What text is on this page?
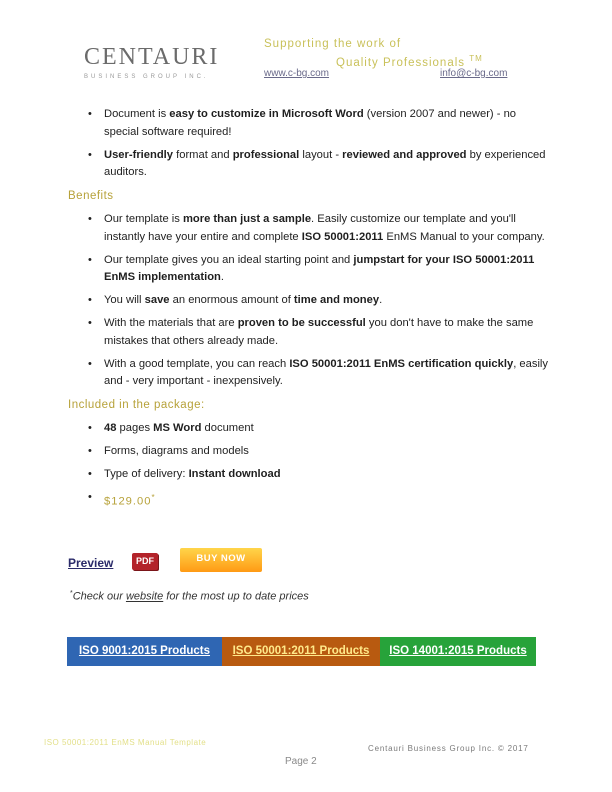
CENTAURI
BUSINESS GROUP INC.
Supporting the work of
Quality Professionals ™
www.c-bg.com	info@c-bg.com
• Document is easy to customize in Microsoft Word (version 2007 and newer) - no special software required!
• User-friendly format and professional layout - reviewed and approved by experienced auditors.
Benefits
• Our template is more than just a sample. Easily customize our template and you'll instantly have your entire and complete ISO 50001:2011 EnMS Manual to your company.
• Our template gives you an ideal starting point and jumpstart for your ISO 50001:2011 EnMS implementation.
• You will save an enormous amount of time and money.
• With the materials that are proven to be successful you don't have to make the same mistakes that others already made.
• With a good template, you can reach ISO 50001:2011 EnMS certification quickly, easily and - very important - inexpensively.
Included in the package:
• 48 pages MS Word document
• Forms, diagrams and models
• Type of delivery: Instant download
• $129.00*
Preview	PDF	BUY NOW
*Check our website for the most up to date prices
ISO 9001:2015 Products	ISO 50001:2011 Products	ISO 14001:2015 Products
ISO 50001:2011 EnMS Manual Template
Centauri Business Group Inc. © 2017
Page 2
